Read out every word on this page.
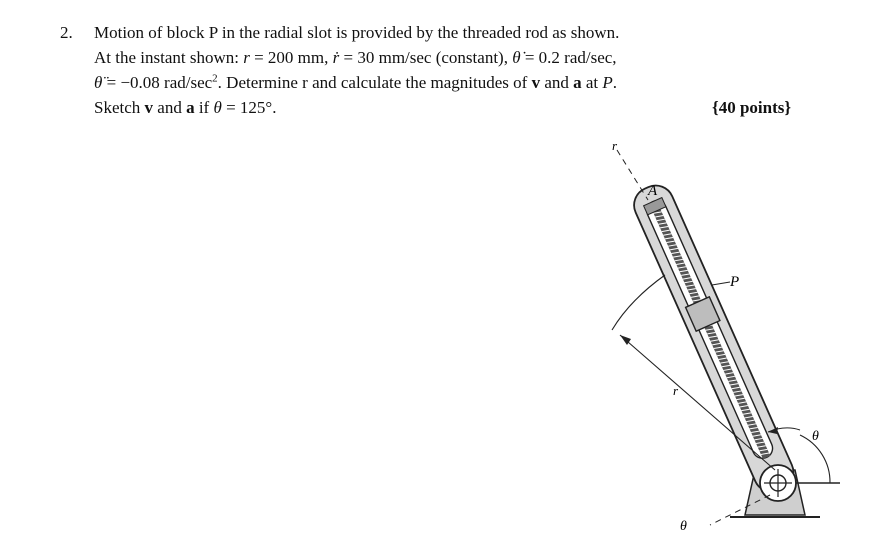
2. Motion of block P in the radial slot is provided by the threaded rod as shown.
At the instant shown: r = 200 mm, ṙ = 30 mm/sec (constant), θ̇ = 0.2 rad/sec,
θ̈ = −0.08 rad/$\sec^2$. Determine r and calculate the magnitudes of v and a at P.
Sketch v and a if θ = 125°.	{40 points}
r
A
P
r
θ
θ
